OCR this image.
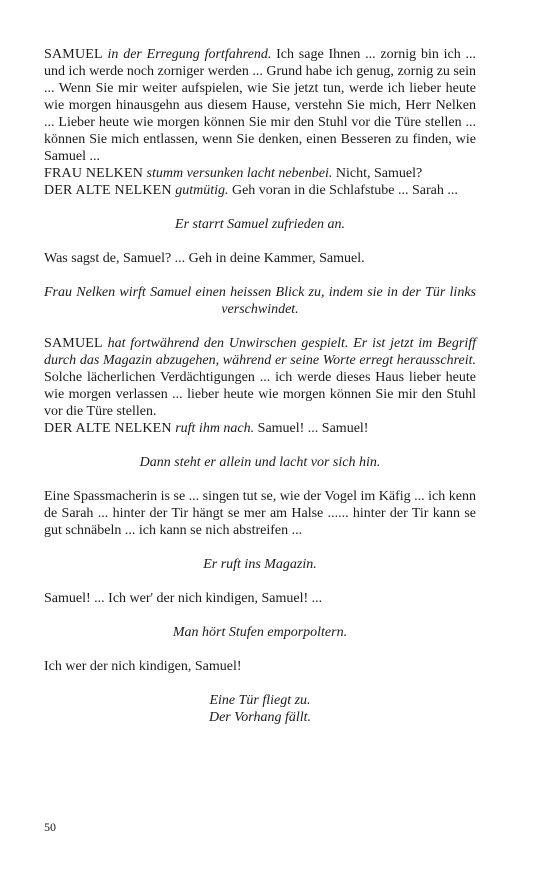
SAMUEL in der Erregung fortfahrend. Ich sage Ihnen ... zornig bin ich ... und ich werde noch zorniger werden ... Grund habe ich genug, zornig zu sein ... Wenn Sie mir weiter aufspielen, wie Sie jetzt tun, werde ich lieber heute wie morgen hinausgehn aus diesem Hause, verstehn Sie mich, Herr Nelken ... Lieber heute wie morgen können Sie mir den Stuhl vor die Türe stellen ... können Sie mich entlassen, wenn Sie denken, einen Besseren zu finden, wie Samuel ...

FRAU NELKEN stumm versunken lacht nebenbei. Nicht, Samuel?

DER ALTE NELKEN gutmütig. Geh voran in die Schlafstube ... Sarah ...

Er starrt Samuel zufrieden an.

Was sagst de, Samuel? ... Geh in deine Kammer, Samuel.

Frau Nelken wirft Samuel einen heissen Blick zu, indem sie in der Tür links verschwindet.

SAMUEL hat fortwährend den Unwirschen gespielt. Er ist jetzt im Begriff durch das Magazin abzugehen, während er seine Worte erregt herausschreit. Solche lächerlichen Verdächtigungen ... ich werde dieses Haus lieber heute wie morgen verlassen ... lieber heute wie morgen können Sie mir den Stuhl vor die Türe stellen.

DER ALTE NELKEN ruft ihm nach. Samuel! ... Samuel!

Dann steht er allein und lacht vor sich hin.

Eine Spassmacherin is se ... singen tut se, wie der Vogel im Käfig ... ich kenn de Sarah ... hinter der Tir hängt se mer am Halse ...... hinter der Tir kann se gut schnäbeln ... ich kann se nich abstreifen ...

Er ruft ins Magazin.

Samuel! ... Ich wer' der nich kindigen, Samuel! ...

Man hört Stufen emporpoltern.

Ich wer der nich kindigen, Samuel!

Eine Tür fliegt zu.

Der Vorhang fällt.

50
